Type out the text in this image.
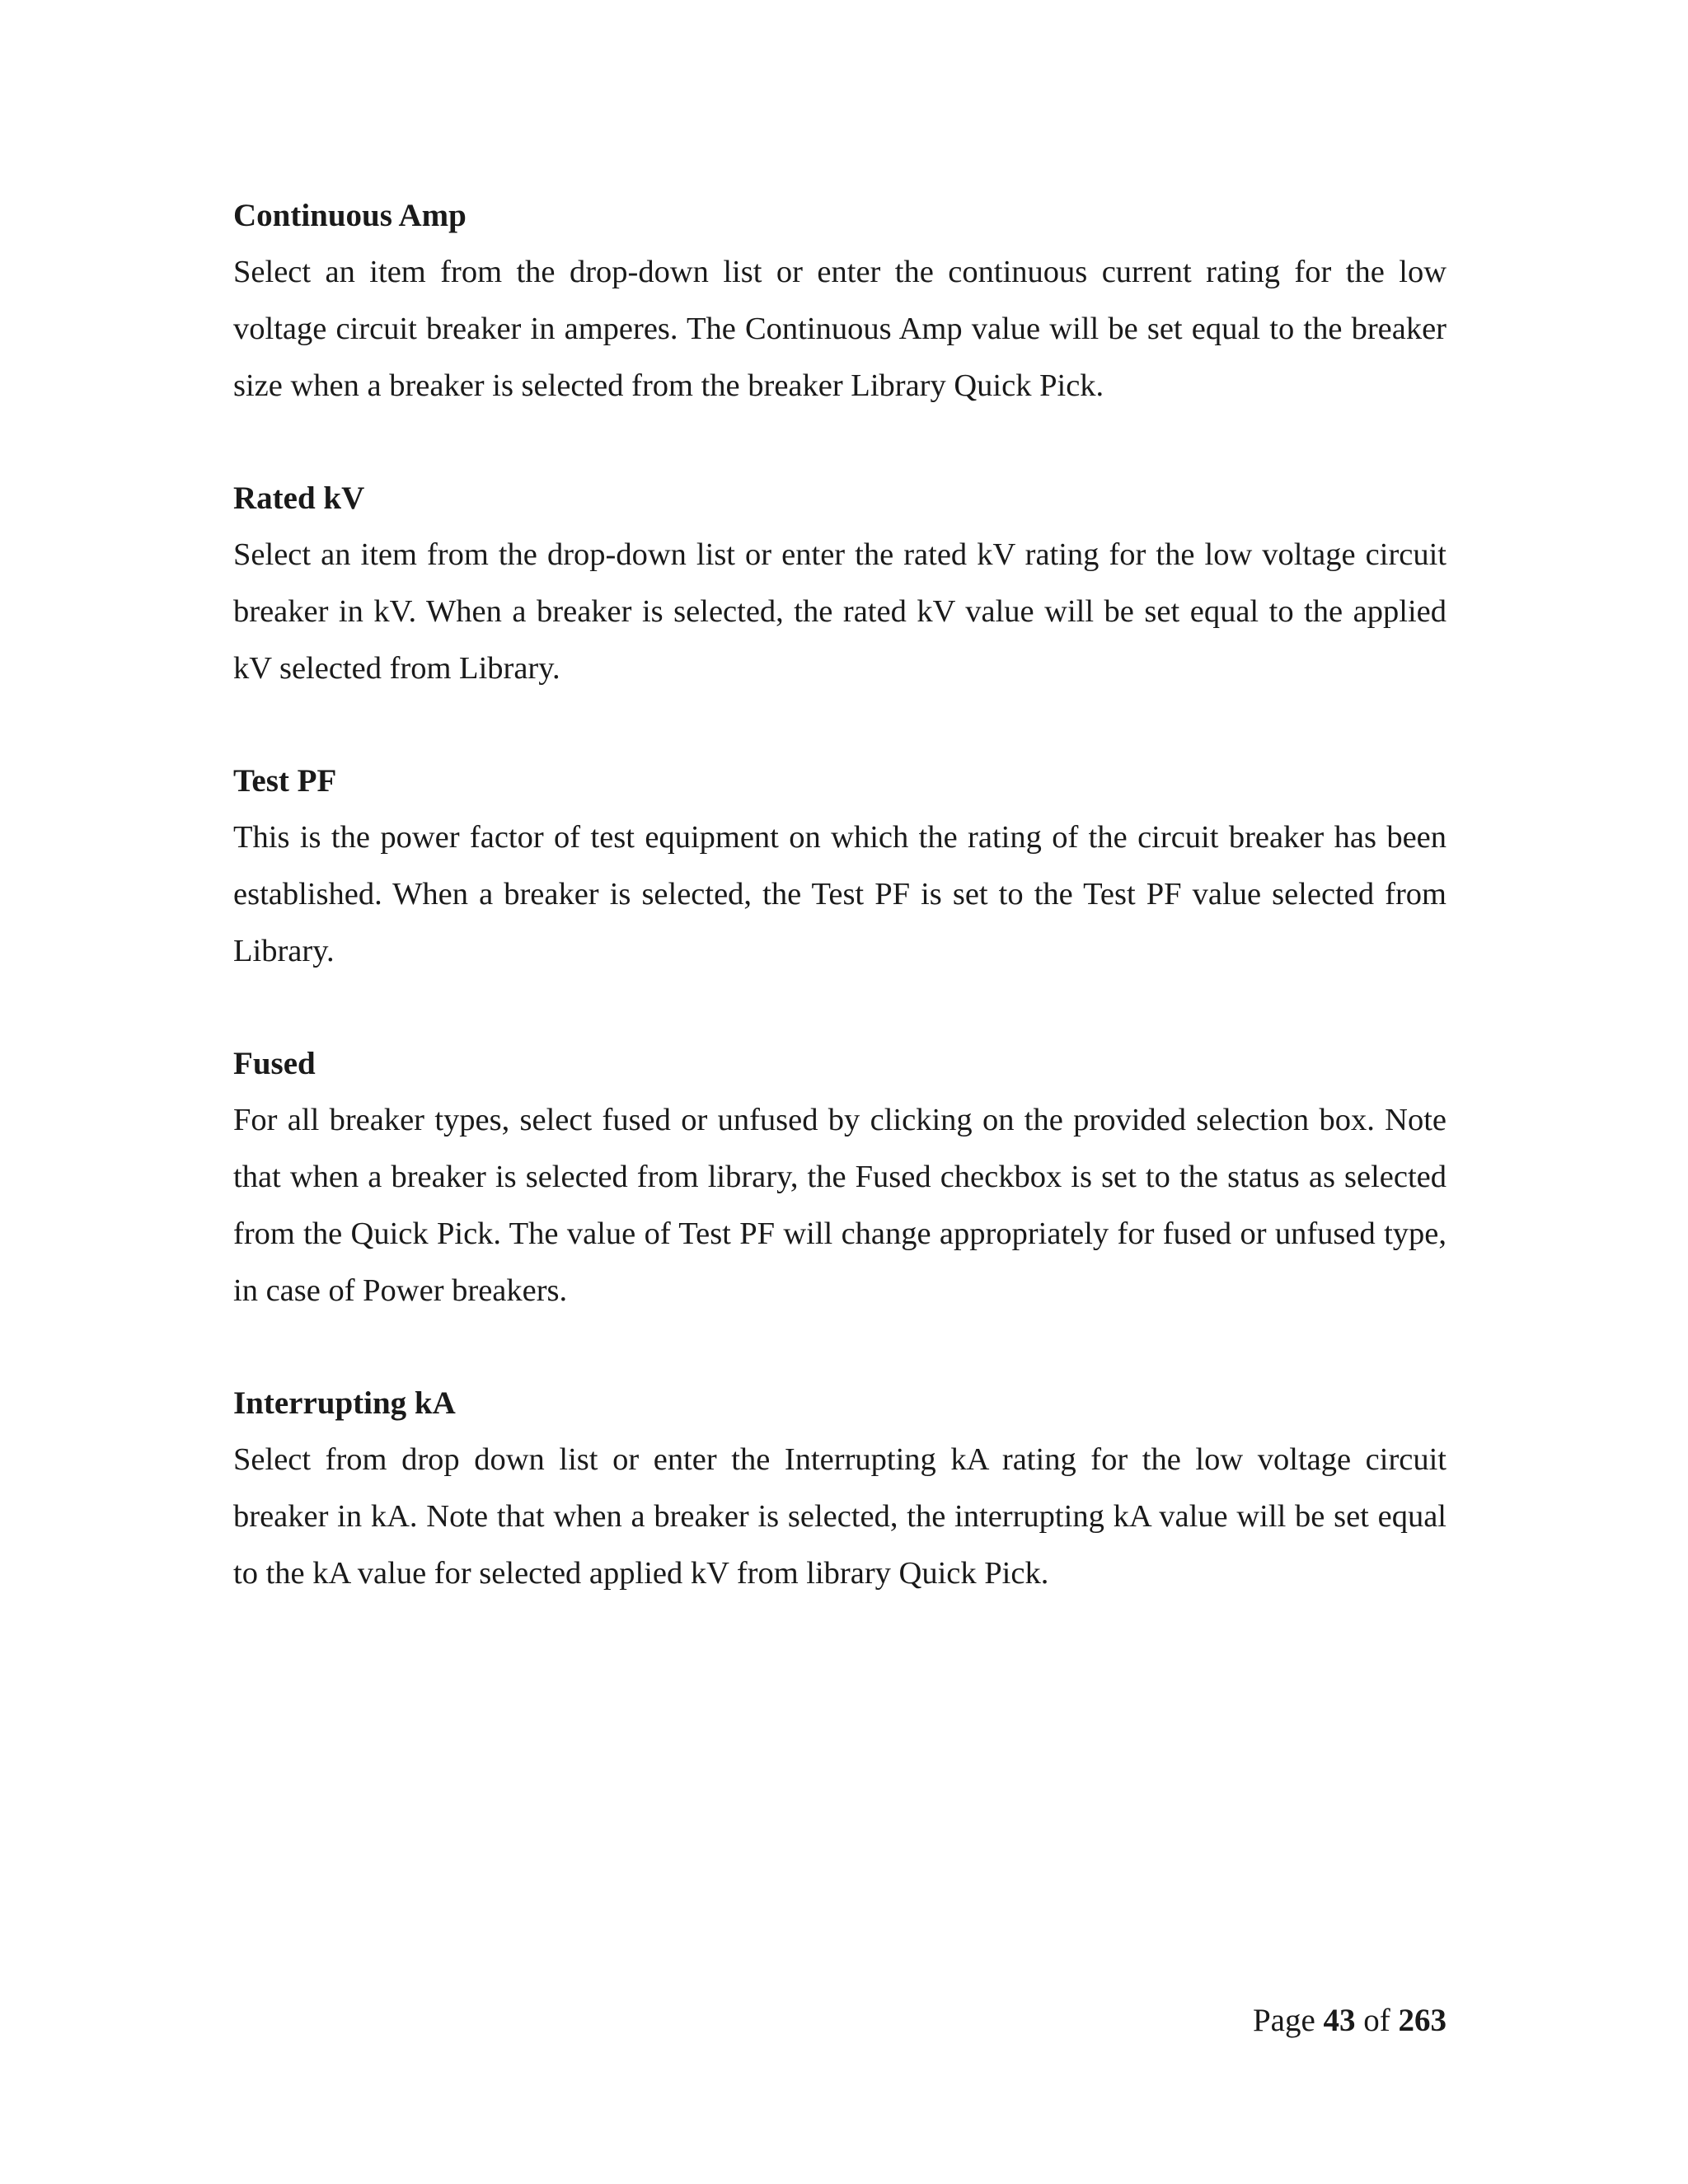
Continuous Amp

Select an item from the drop-down list or enter the continuous current rating for the low voltage circuit breaker in amperes. The Continuous Amp value will be set equal to the breaker size when a breaker is selected from the breaker Library Quick Pick.

Rated kV

Select an item from the drop-down list or enter the rated kV rating for the low voltage circuit breaker in kV. When a breaker is selected, the rated kV value will be set equal to the applied kV selected from Library.

Test PF

This is the power factor of test equipment on which the rating of the circuit breaker has been established. When a breaker is selected, the Test PF is set to the Test PF value selected from Library.

Fused

For all breaker types, select fused or unfused by clicking on the provided selection box. Note that when a breaker is selected from library, the Fused checkbox is set to the status as selected from the Quick Pick. The value of Test PF will change appropriately for fused or unfused type, in case of Power breakers.

Interrupting kA

Select from drop down list or enter the Interrupting kA rating for the low voltage circuit breaker in kA. Note that when a breaker is selected, the interrupting kA value will be set equal to the kA value for selected applied kV from library Quick Pick.

Page 43 of 263
